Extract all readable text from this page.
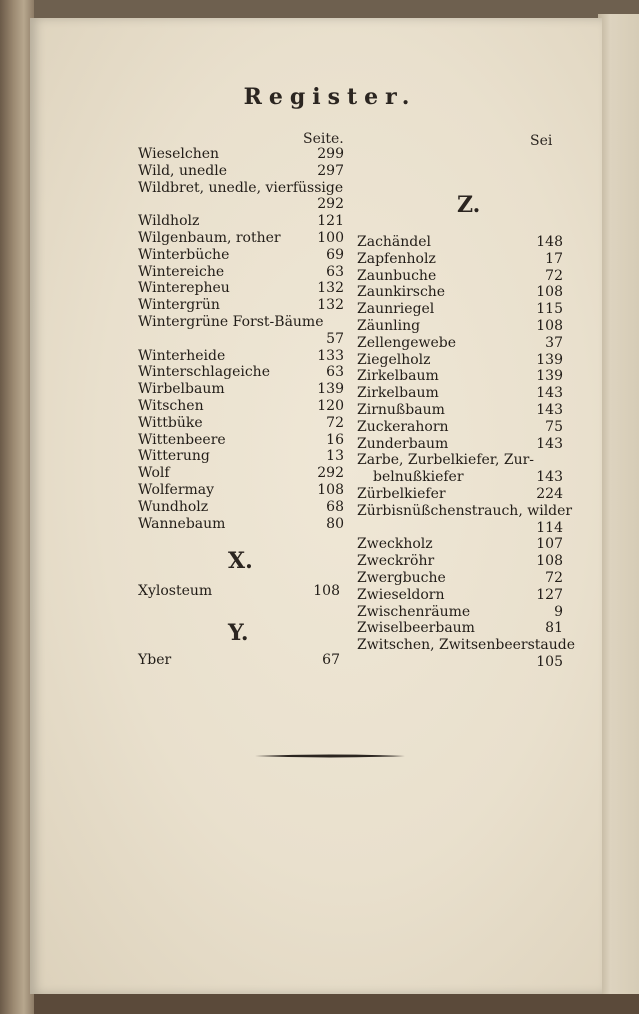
Register.
Seite.	Sei
Wieselchen	299
Wild, unedle	297
Wildbret, unedle, vierfüssige
292
Wildholz	121
Wilgenbaum, rother	100
Winterbüche	69
Wintereiche	63
Winterepheu	132
Wintergrün	132
Wintergrüne Forst-Bäume
57
Winterheide	133
Winterschlageiche	63
Wirbelbaum	139
Witschen	120
Wittbüke	72
Wittenbeere	16
Witterung	13
Wolf	292
Wolfermay	108
Wundholz	68
Wannebaum	80
X.
Xylosteum	108
Y.
Yber	67
Z.
Zachändel	148
Zapfenholz	17
Zaunbuche	72
Zaunkirsche	108
Zaunriegel	115
Zäunling	108
Zellengewebe	37
Ziegelholz	139
Zirkelbaum	139
Zirkelbaum	143
Zirnußbaum	143
Zuckerahorn	75
Zunderbaum	143
Zarbe, Zurbelkiefer, Zur-
belnußkiefer	143
Zürbelkiefer	224
Zürbisnüßchenstrauch, wilder
114
Zweckholz	107
Zweckröhr	108
Zwergbuche	72
Zwieseldorn	127
Zwischenräume	9
Zwiselbeerbaum	81
Zwitschen, Zwitsenbeerstaude
105
